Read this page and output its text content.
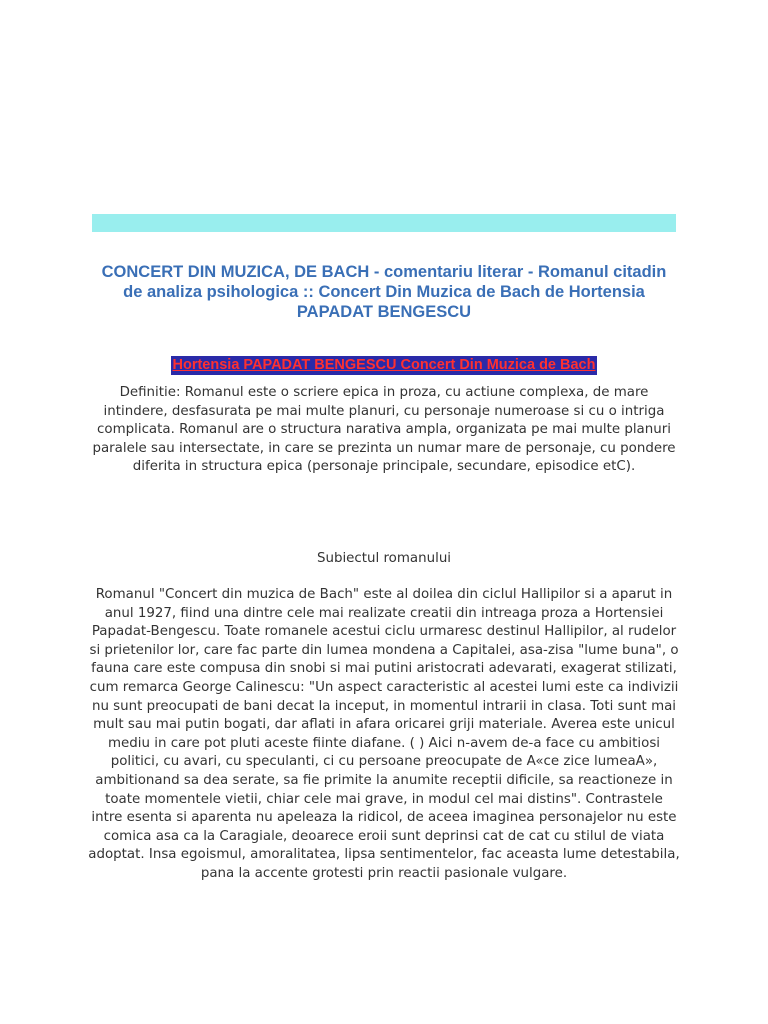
CONCERT DIN MUZICA, DE BACH - comentariu literar - Romanul citadin de analiza psihologica :: Concert Din Muzica de Bach de Hortensia PAPADAT BENGESCU
Hortensia PAPADAT BENGESCU Concert Din Muzica de Bach

Definitie: Romanul este o scriere epica in proza, cu actiune complexa, de mare intindere, desfasurata pe mai multe planuri, cu personaje numeroase si cu o intriga complicata. Romanul are o structura narativa ampla, organizata pe mai multe planuri paralele sau intersectate, in care se prezinta un numar mare de personaje, cu pondere diferita in structura epica (personaje principale, secundare, episodice etC).

Subiectul romanului

Romanul "Concert din muzica de Bach" este al doilea din ciclul Hallipilor si a aparut in anul 1927, fiind una dintre cele mai realizate creatii din intreaga proza a Hortensiei Papadat-Bengescu. Toate romanele acestui ciclu urmaresc destinul Hallipilor, al rudelor si prietenilor lor, care fac parte din lumea mondena a Capitalei, asa-zisa "lume buna", o fauna care este compusa din snobi si mai putini aristocrati adevarati, exagerat stilizati, cum remarca George Calinescu: "Un aspect caracteristic al acestei lumi este ca indivizii nu sunt preocupati de bani decat la inceput, in momentul intrarii in clasa. Toti sunt mai mult sau mai putin bogati, dar aflati in afara oricarei griji materiale. Averea este unicul mediu in care pot pluti aceste fiinte diafane. ( ) Aici n-avem de-a face cu ambitiosi politici, cu avari, cu speculanti, ci cu persoane preocupate de A«ce zice lumeaA», ambitionand sa dea serate, sa fie primite la anumite receptii dificile, sa reactioneze in toate momentele vietii, chiar cele mai grave, in modul cel mai distins". Contrastele intre esenta si aparenta nu apeleaza la ridicol, de aceea imaginea personajelor nu este comica asa ca la Caragiale, deoarece eroii sunt deprinsi cat de cat cu stilul de viata adoptat. Insa egoismul, amoralitatea, lipsa sentimentelor, fac aceasta lume detestabila, pana la accente grotesti prin reactii pasionale vulgare.
